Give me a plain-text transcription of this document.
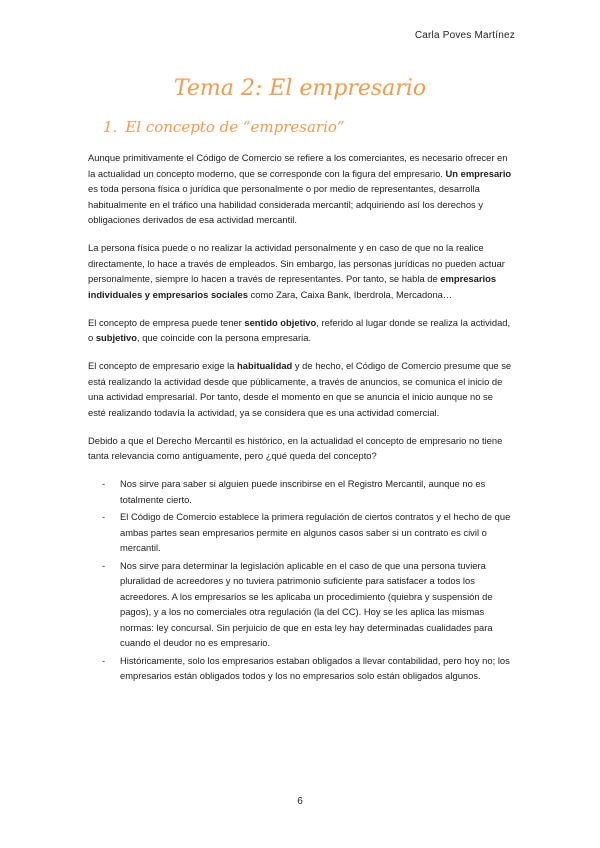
Carla Poves Martínez
Tema 2: El empresario
1. El concepto de “empresario”

Aunque primitivamente el Código de Comercio se refiere a los comerciantes, es necesario ofrecer en la actualidad un concepto moderno, que se corresponde con la figura del empresario. Un empresario es toda persona física o jurídica que personalmente o por medio de representantes, desarrolla habitualmente en el tráfico una habilidad considerada mercantil; adquiriendo así los derechos y obligaciones derivados de esa actividad mercantil.

La persona física puede o no realizar la actividad personalmente y en caso de que no la realice directamente, lo hace a través de empleados. Sin embargo, las personas jurídicas no pueden actuar personalmente, siempre lo hacen a través de representantes. Por tanto, se habla de empresarios individuales y empresarios sociales como Zara, Caixa Bank, Iberdrola, Mercadona…

El concepto de empresa puede tener sentido objetivo, referido al lugar donde se realiza la actividad, o subjetivo, que coincide con la persona empresaria.

El concepto de empresario exige la habitualidad y de hecho, el Código de Comercio presume que se está realizando la actividad desde que públicamente, a través de anuncios, se comunica el inicio de una actividad empresarial. Por tanto, desde el momento en que se anuncia el inicio aunque no se esté realizando todavía la actividad, ya se considera que es una actividad comercial.

Debido a que el Derecho Mercantil es histórico, en la actualidad el concepto de empresario no tiene tanta relevancia como antiguamente, pero ¿qué queda del concepto?

- Nos sirve para saber si alguien puede inscribirse en el Registro Mercantil, aunque no es totalmente cierto.
- El Código de Comercio establece la primera regulación de ciertos contratos y el hecho de que ambas partes sean empresarios permite en algunos casos saber si un contrato es civil o mercantil.
- Nos sirve para determinar la legislación aplicable en el caso de que una persona tuviera pluralidad de acreedores y no tuviera patrimonio suficiente para satisfacer a todos los acreedores. A los empresarios se les aplicaba un procedimiento (quiebra y suspensión de pagos), y a los no comerciales otra regulación (la del CC). Hoy se les aplica las mismas normas: ley concursal. Sin perjuicio de que en esta ley hay determinadas cualidades para cuando el deudor no es empresario.
- Históricamente, solo los empresarios estaban obligados a llevar contabilidad, pero hoy no; los empresarios están obligados todos y los no empresarios solo están obligados algunos.
6
